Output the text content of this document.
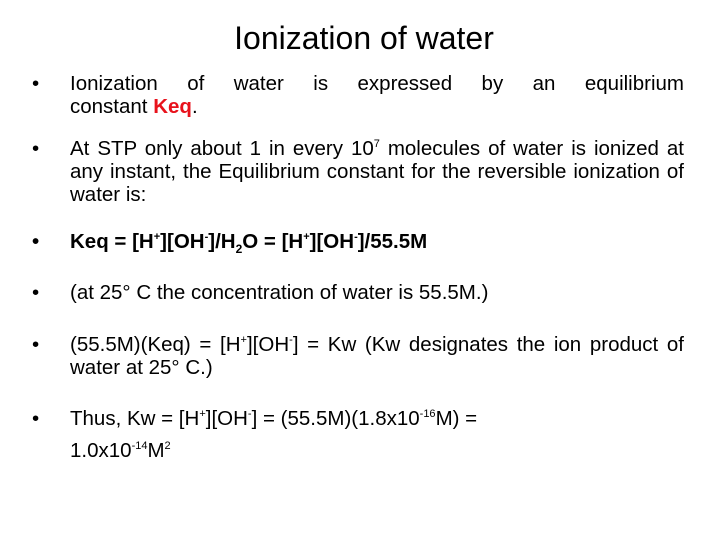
Ionization of water
•	Ionization of water is expressed by an equilibrium
constant Keq.
•	At STP only about 1 in every $10^7$ molecules of water is ionized at any instant, the Equilibrium constant for the reversible ionization of water is:
•	Keq = $[H^+][OH^-]/H_2O = [H^+][OH^-]/55.5M$
•	(at 25° C the concentration of water is 55.5M.)
•	(55.5M)(Keq) = [H+][OH-] = Kw (Kw designates the ion product of water at 25° C.)
•	Thus, $Kw = [H^+][OH^-] = (55.5M)(1.8x10^{-16}M)$ =
$1.0x10^{-14}M^2$
